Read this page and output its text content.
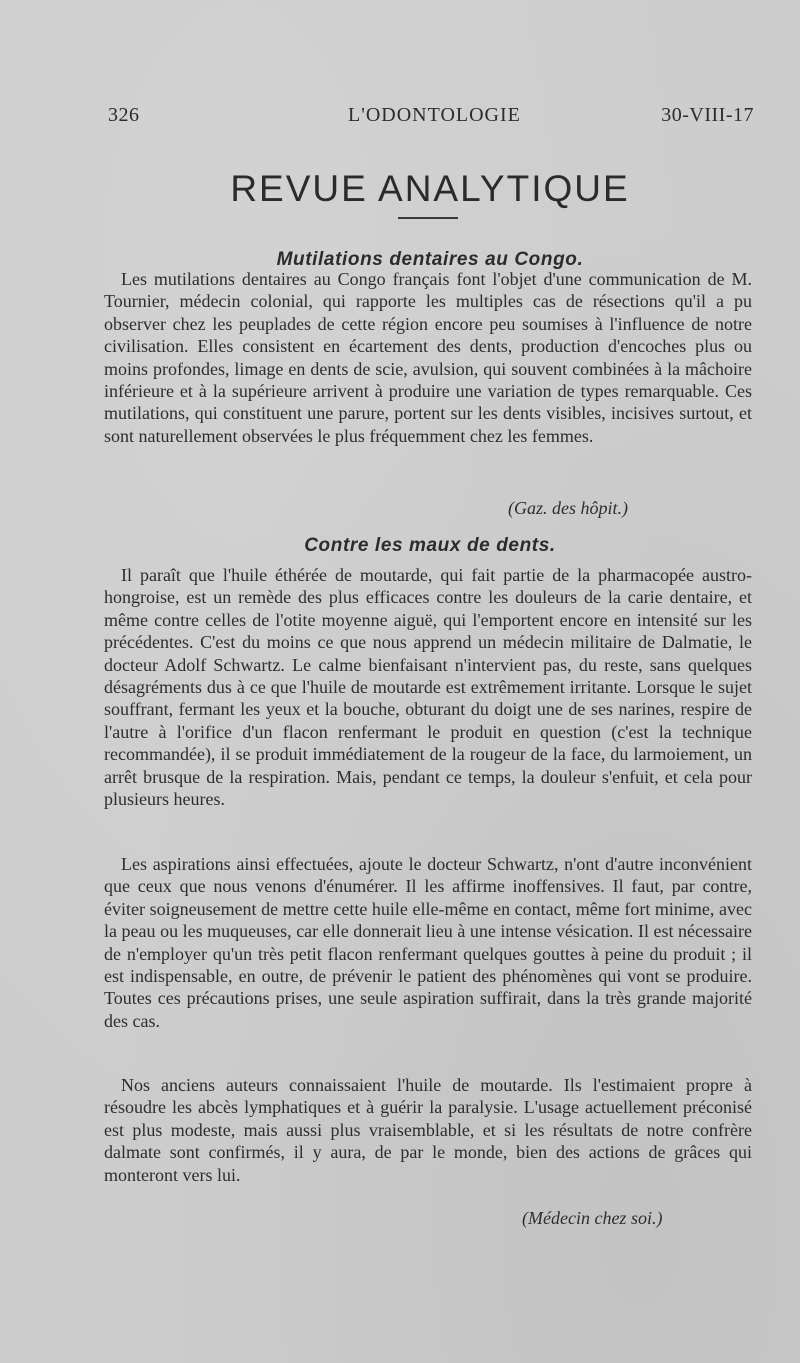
326	L'ODONTOLOGIE	30-VIII-17
REVUE ANALYTIQUE
Mutilations dentaires au Congo.

Les mutilations dentaires au Congo français font l'objet d'une communication de M. Tournier, médecin colonial, qui rapporte les multiples cas de résections qu'il a pu observer chez les peuplades de cette région encore peu soumises à l'influence de notre civilisation. Elles consistent en écartement des dents, production d'encoches plus ou moins profondes, limage en dents de scie, avulsion, qui souvent combinées à la mâchoire inférieure et à la supérieure arrivent à produire une variation de types remarquable. Ces mutilations, qui constituent une parure, portent sur les dents visibles, incisives surtout, et sont naturellement observées le plus fréquemment chez les femmes.

(Gaz. des hôpit.)
Contre les maux de dents.

Il paraît que l'huile éthérée de moutarde, qui fait partie de la pharmacopée austro-hongroise, est un remède des plus efficaces contre les douleurs de la carie dentaire, et même contre celles de l'otite moyenne aiguë, qui l'emportent encore en intensité sur les précédentes. C'est du moins ce que nous apprend un médecin militaire de Dalmatie, le docteur Adolf Schwartz. Le calme bienfaisant n'intervient pas, du reste, sans quelques désagréments dus à ce que l'huile de moutarde est extrêmement irritante. Lorsque le sujet souffrant, fermant les yeux et la bouche, obturant du doigt une de ses narines, respire de l'autre à l'orifice d'un flacon renfermant le produit en question (c'est la technique recommandée), il se produit immédiatement de la rougeur de la face, du larmoiement, un arrêt brusque de la respiration. Mais, pendant ce temps, la douleur s'enfuit, et cela pour plusieurs heures.

Les aspirations ainsi effectuées, ajoute le docteur Schwartz, n'ont d'autre inconvénient que ceux que nous venons d'énumérer. Il les affirme inoffensives. Il faut, par contre, éviter soigneusement de mettre cette huile elle-même en contact, même fort minime, avec la peau ou les muqueuses, car elle donnerait lieu à une intense vésication. Il est nécessaire de n'employer qu'un très petit flacon renfermant quelques gouttes à peine du produit ; il est indispensable, en outre, de prévenir le patient des phénomènes qui vont se produire. Toutes ces précautions prises, une seule aspiration suffirait, dans la très grande majorité des cas.

Nos anciens auteurs connaissaient l'huile de moutarde. Ils l'estimaient propre à résoudre les abcès lymphatiques et à guérir la paralysie. L'usage actuellement préconisé est plus modeste, mais aussi plus vraisemblable, et si les résultats de notre confrère dalmate sont confirmés, il y aura, de par le monde, bien des actions de grâces qui monteront vers lui.

(Médecin chez soi.)
